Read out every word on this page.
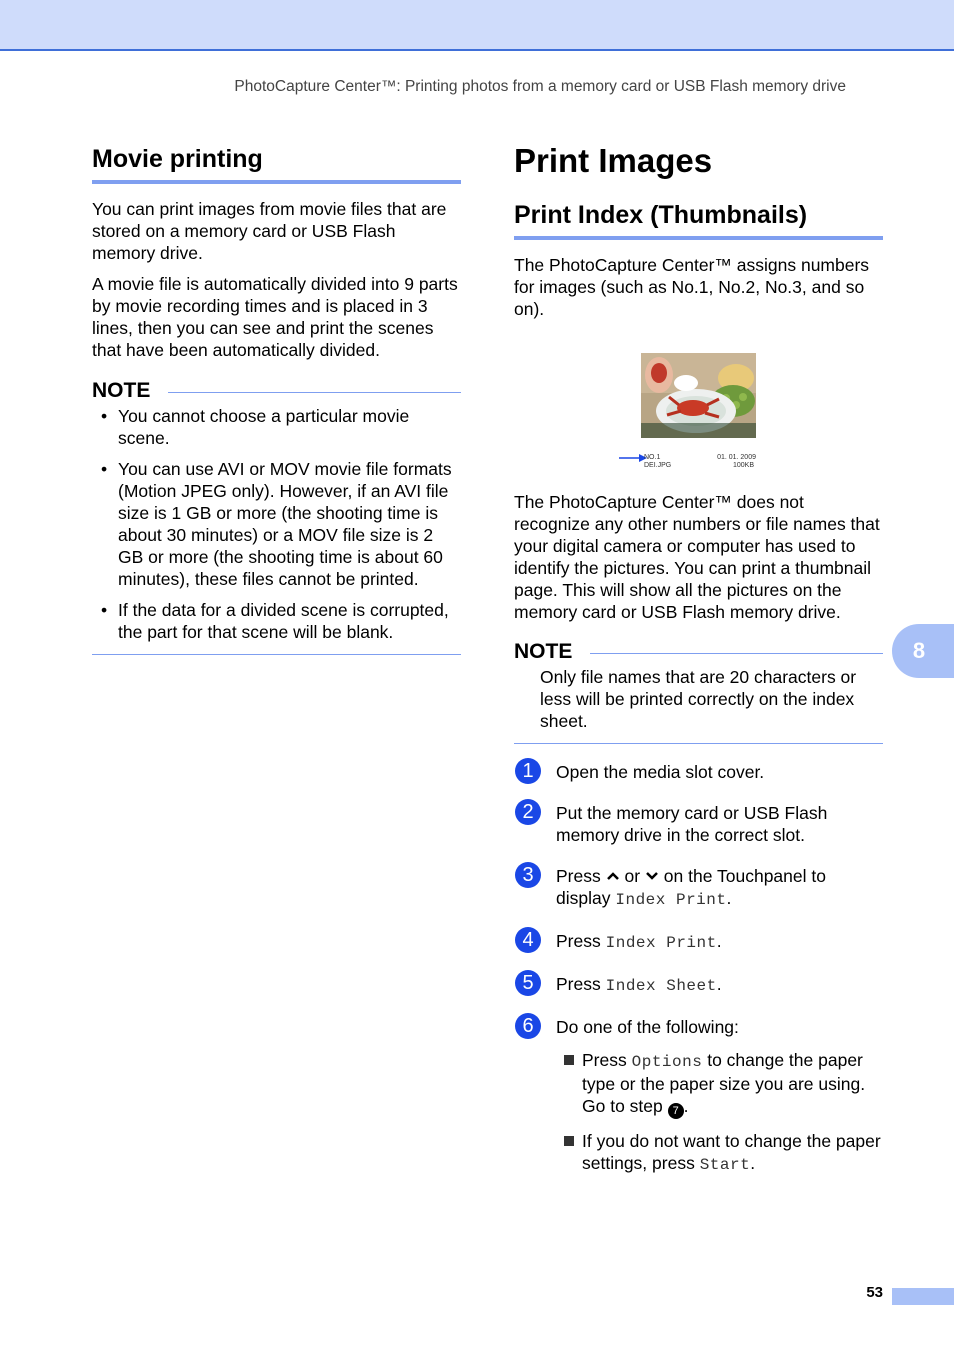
PhotoCapture Center™: Printing photos from a memory card or USB Flash memory drive
Movie printing

You can print images from movie files that are stored on a memory card or USB Flash memory drive.

A movie file is automatically divided into 9 parts by movie recording times and is placed in 3 lines, then you can see and print the scenes that have been automatically divided.

NOTE
• You cannot choose a particular movie scene.
• You can use AVI or MOV movie file formats (Motion JPEG only). However, if an AVI file size is 1 GB or more (the shooting time is about 30 minutes) or a MOV file size is 2 GB or more (the shooting time is about 60 minutes), these files cannot be printed.
• If the data for a divided scene is corrupted, the part for that scene will be blank.
Print Images
Print Index (Thumbnails)

The PhotoCapture Center™ assigns numbers for images (such as No.1, No.2, No.3, and so on).

NO.1
DEI.JPG
01. 01. 2009
100KB

The PhotoCapture Center™ does not recognize any other numbers or file names that your digital camera or computer has used to identify the pictures. You can print a thumbnail page. This will show all the pictures on the memory card or USB Flash memory drive.

NOTE

Only file names that are 20 characters or less will be printed correctly on the index sheet.

1	Open the media slot cover.

2	Put the memory card or USB Flash memory drive in the correct slot.

3	Press or on the Touchpanel to display Index Print.

4	Press Index Print.

5	Press Index Sheet.

6	Do one of the following:

Press Options to change the paper type or the paper size you are using. Go to step 7 .
If you do not want to change the paper settings, press Start.
8
53
